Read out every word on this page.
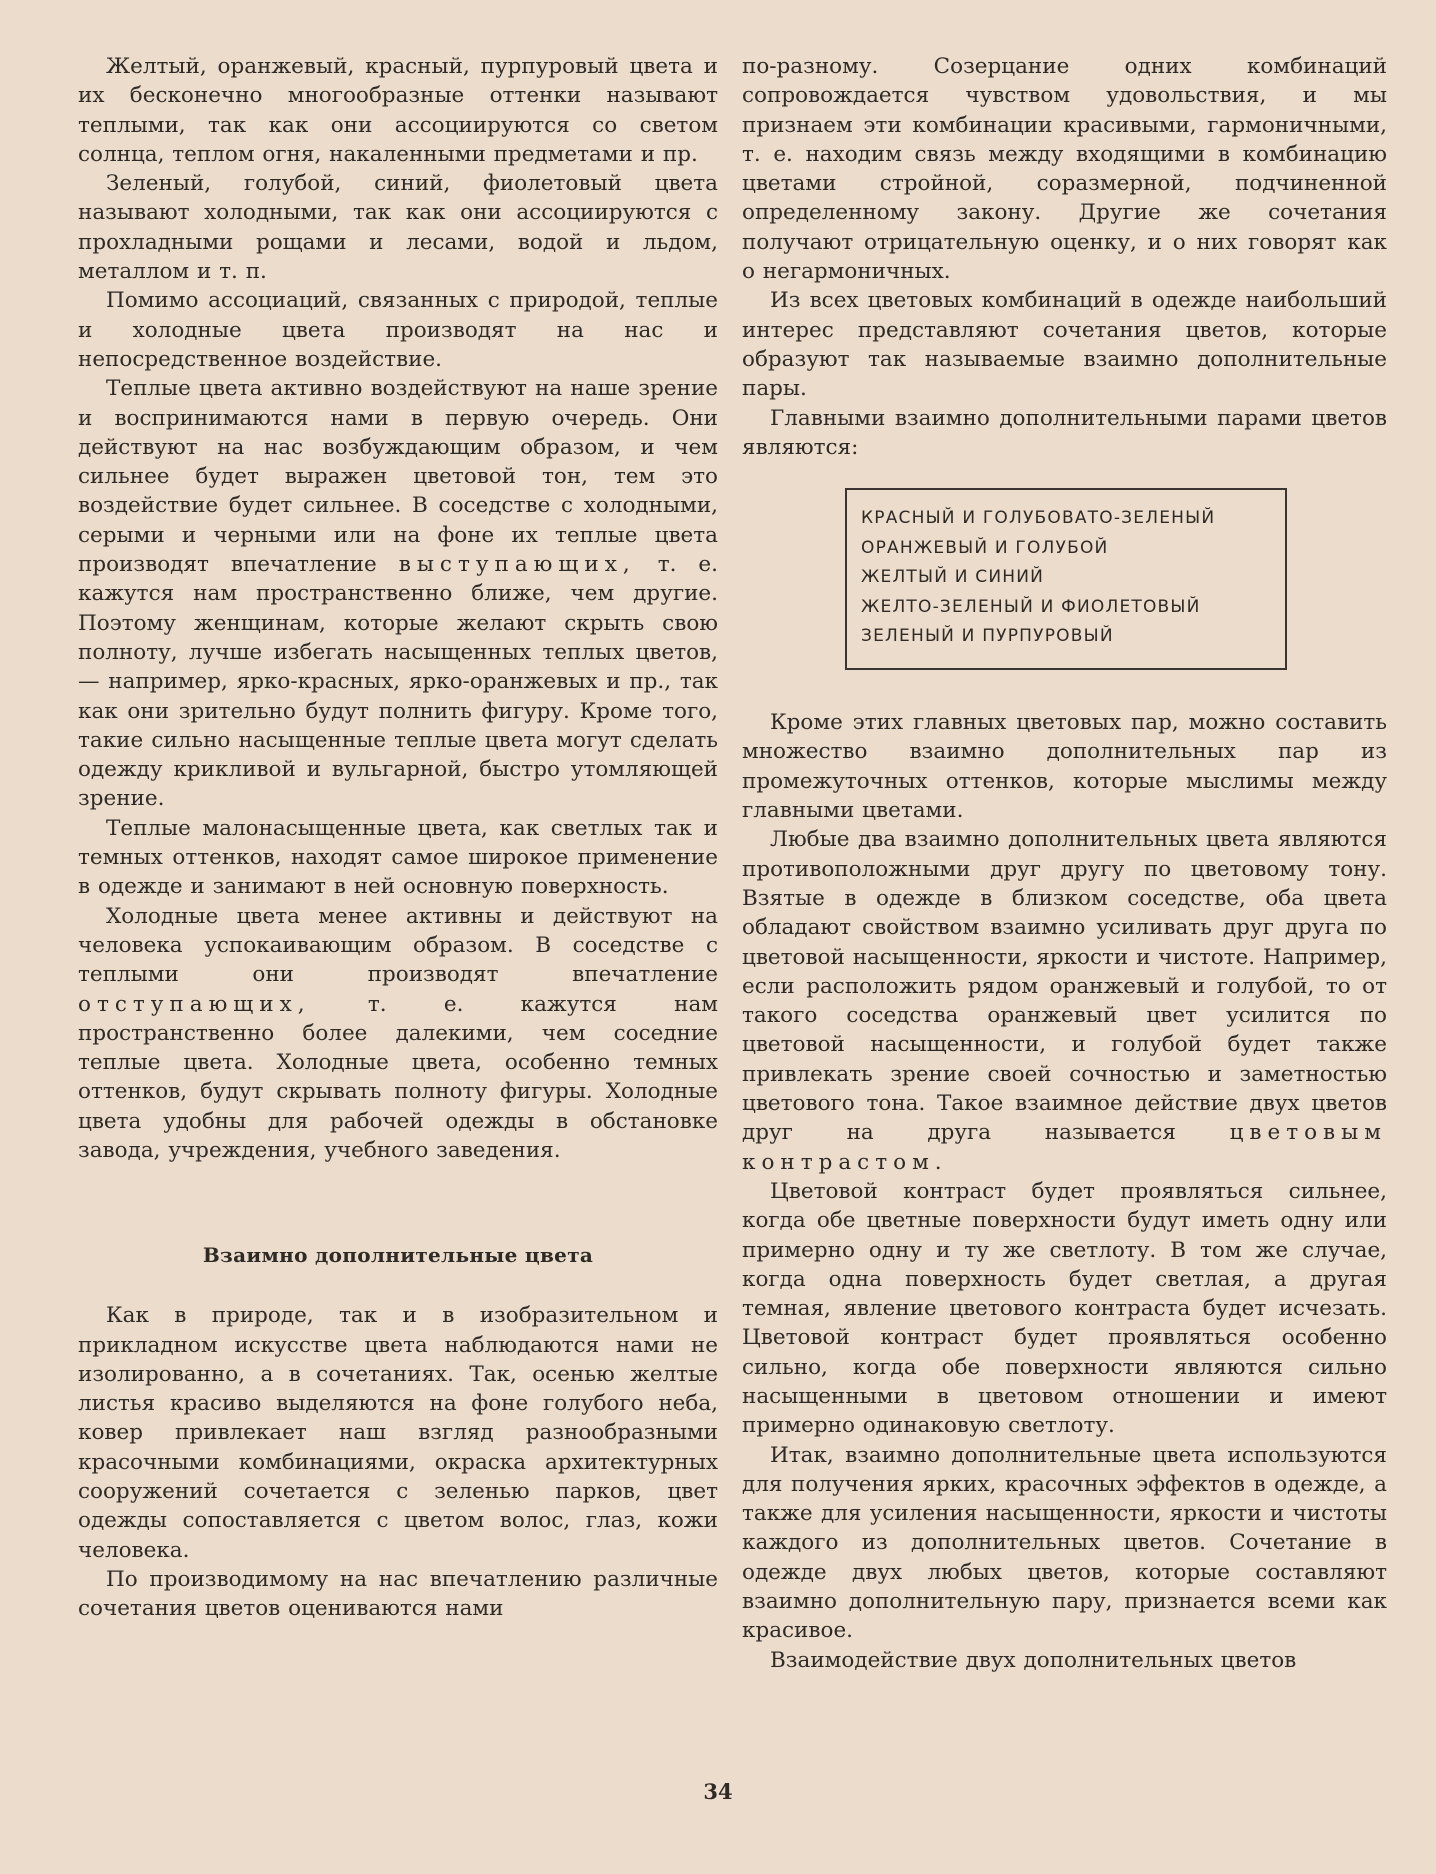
Желтый, оранжевый, красный, пурпуровый цвета и их бесконечно многообразные оттенки называют теплыми, так как они ассоциируются со светом солнца, теплом огня, накаленными предметами и пр.

Зеленый, голубой, синий, фиолетовый цвета называют холодными, так как они ассоциируются с прохладными рощами и лесами, водой и льдом, металлом и т. п.

Помимо ассоциаций, связанных с природой, теплые и холодные цвета производят на нас и непосредственное воздействие.

Теплые цвета активно воздействуют на наше зрение и воспринимаются нами в первую очередь. Они действуют на нас возбуждающим образом, и чем сильнее будет выражен цветовой тон, тем это воздействие будет сильнее. В соседстве с холодными, серыми и черными или на фоне их теплые цвета производят впечатление выступающих, т. е. кажутся нам пространственно ближе, чем другие. Поэтому женщинам, которые желают скрыть свою полноту, лучше избегать насыщенных теплых цветов, — например, ярко-красных, ярко-оранжевых и пр., так как они зрительно будут полнить фигуру. Кроме того, такие сильно насыщенные теплые цвета могут сделать одежду крикливой и вульгарной, быстро утомляющей зрение.

Теплые малонасыщенные цвета, как светлых так и темных оттенков, находят самое широкое применение в одежде и занимают в ней основную поверхность.

Холодные цвета менее активны и действуют на человека успокаивающим образом. В соседстве с теплыми они производят впечатление отступающих,	т. е. кажутся нам пространственно более далекими, чем соседние теплые цвета. Холодные цвета, особенно темных оттенков, будут скрывать полноту фигуры. Холодные цвета удобны для рабочей одежды в обстановке завода, учреждения, учебного заведения.

Взаимно дополнительные цвета

Как в природе, так и в изобразительном и прикладном искусстве цвета наблюдаются нами не изолированно, а в сочетаниях. Так, осенью желтые листья красиво выделяются на фоне голубого неба, ковер привлекает наш взгляд разнообразными красочными комбинациями, окраска архитектурных сооружений сочетается с зеленью парков, цвет одежды сопоставляется с цветом волос, глаз, кожи человека.

По производимому на нас впечатлению различные сочетания цветов оцениваются нами

по-разному. Созерцание одних комбинаций сопровождается чувством удовольствия, и мы признаем эти комбинации красивыми, гармоничными, т. е. находим связь между входящими в комбинацию цветами стройной, соразмерной, подчиненной определенному закону. Другие же сочетания получают отрицательную оценку, и о них говорят как о негармоничных.

Из всех цветовых комбинаций в одежде наибольший интерес представляют сочетания цветов, которые образуют так называемые взаимно дополнительные пары.

Главными взаимно дополнительными парами цветов являются:

КРАСНЫЙ И ГОЛУБОВАТО-ЗЕЛЕНЫЙ
ОРАНЖЕВЫЙ И ГОЛУБОЙ
ЖЕЛТЫЙ И СИНИЙ
ЖЕЛТО-ЗЕЛЕНЫЙ И ФИОЛЕТОВЫЙ
ЗЕЛЕНЫЙ И ПУРПУРОВЫЙ

Кроме этих главных цветовых пар, можно составить множество взаимно дополнительных пар из промежуточных оттенков, которые мыслимы между главными цветами.

Любые два взаимно дополнительных цвета являются противоположными друг другу по цветовому тону. Взятые в одежде в близком соседстве, оба цвета обладают свойством взаимно усиливать друг друга по цветовой насыщенности, яркости и чистоте. Например, если расположить рядом оранжевый и голубой, то от такого соседства оранжевый цвет усилится по цветовой насыщенности, и голубой будет также привлекать зрение своей сочностью и заметностью цветового тона. Такое взаимное действие двух цветов друг на друга называется цветовым контрастом.

Цветовой контраст будет проявляться сильнее, когда обе цветные поверхности будут иметь одну или примерно одну и ту же светлоту. В том же случае, когда одна поверхность будет светлая, а другая темная, явление цветового контраста будет исчезать. Цветовой контраст будет проявляться особенно сильно, когда обе поверхности являются сильно насыщенными в цветовом отношении и имеют примерно одинаковую светлоту.

Итак, взаимно дополнительные цвета используются для получения ярких, красочных эффектов в одежде, а также для усиления насыщенности, яркости и чистоты каждого из дополнительных цветов. Сочетание в одежде двух любых цветов, которые составляют взаимно дополнительную пару, признается всеми как красивое.

Взаимодействие двух дополнительных цветов

34
